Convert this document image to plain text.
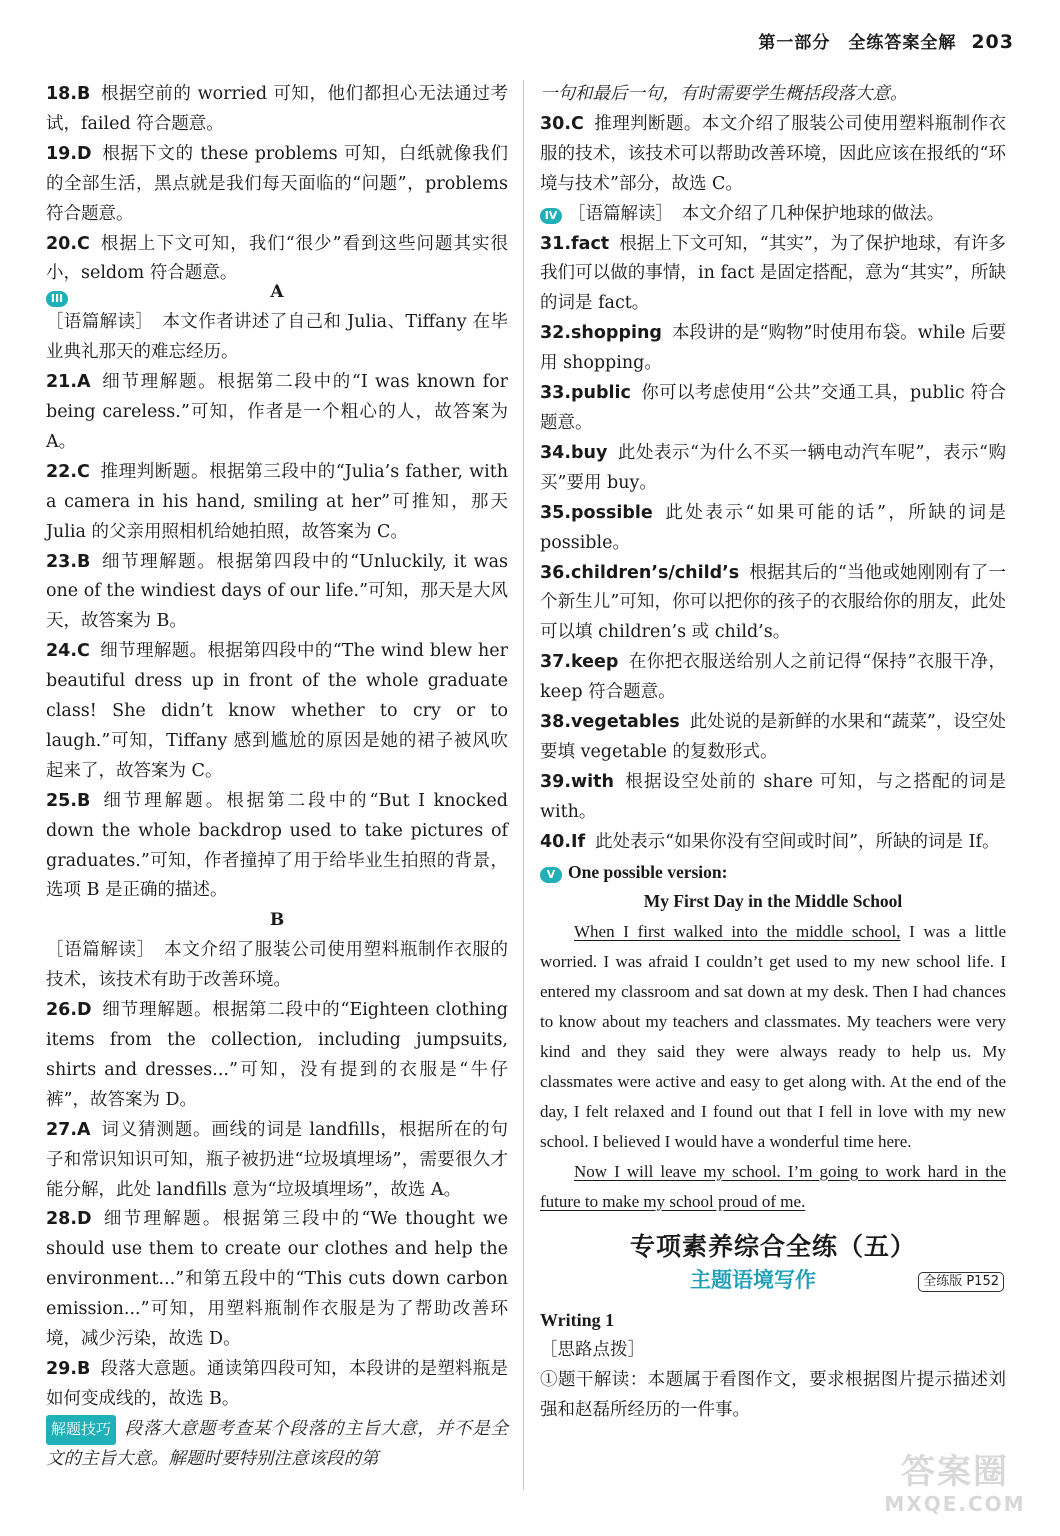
第一部分　全练答案全解 203
18.B 根据空前的 worried 可知，他们都担心无法通过考试，failed 符合题意。
19.D 根据下文的 these problems 可知，白纸就像我们的全部生活，黑点就是我们每天面临的“问题”，problems 符合题意。
20.C 根据上下文可知，我们“很少”看到这些问题其实很小，seldom 符合题意。
III	A

［语篇解读］　本文作者讲述了自己和 Julia、Tiffany 在毕业典礼那天的难忘经历。

21.A 细节理解题。根据第二段中的“I was known for being careless.”可知，作者是一个粗心的人，故答案为 A。
22.C 推理判断题。根据第三段中的“Julia’s father, with a camera in his hand, smiling at her”可推知，那天 Julia 的父亲用照相机给她拍照，故答案为 C。
23.B 细节理解题。根据第四段中的“Unluckily, it was one of the windiest days of our life.”可知，那天是大风天，故答案为 B。
24.C 细节理解题。根据第四段中的“The wind blew her beautiful dress up in front of the whole graduate class! She didn’t know whether to cry or to laugh.”可知，Tiffany 感到尴尬的原因是她的裙子被风吹起来了，故答案为 C。
25.B 细节理解题。根据第二段中的“But I knocked down the whole backdrop used to take pictures of graduates.”可知，作者撞掉了用于给毕业生拍照的背景，选项 B 是正确的描述。

B

［语篇解读］　本文介绍了服装公司使用塑料瓶制作衣服的技术，该技术有助于改善环境。

26.D 细节理解题。根据第二段中的“Eighteen clothing items from the collection, including jumpsuits, shirts and dresses...”可知，没有提到的衣服是“牛仔裤”，故答案为 D。
27.A 词义猜测题。画线的词是 landfills，根据所在的句子和常识知识可知，瓶子被扔进“垃圾填埋场”，需要很久才能分解，此处 landfills 意为“垃圾填埋场”，故选 A。
28.D 细节理解题。根据第三段中的“We thought we should use them to create our clothes and help the environment...”和第五段中的“This cuts down carbon emission...”可知，用塑料瓶制作衣服是为了帮助改善环境，减少污染，故选 D。
29.B 段落大意题。通读第四段可知，本段讲的是塑料瓶是如何变成线的，故选 B。

解题技巧 段落大意题考查某个段落的主旨大意，并不是全文的主旨大意。解题时要特别注意该段的第

一句和最后一句，有时需要学生概括段落大意。

30.C 推理判断题。本文介绍了服装公司使用塑料瓶制作衣服的技术，该技术可以帮助改善环境，因此应该在报纸的“环境与技术”部分，故选 C。

IV ［语篇解读］　本文介绍了几种保护地球的做法。

31.fact 根据上下文可知，“其实”，为了保护地球，有许多我们可以做的事情，in fact 是固定搭配，意为“其实”，所缺的词是 fact。
32.shopping 本段讲的是“购物”时使用布袋。while 后要用 shopping。
33.public 你可以考虑使用“公共”交通工具，public 符合题意。
34.buy 此处表示“为什么不买一辆电动汽车呢”，表示“购买”要用 buy。
35.possible 此处表示“如果可能的话”，所缺的词是 possible。
36.children’s/child’s 根据其后的“当他或她刚刚有了一个新生儿”可知，你可以把你的孩子的衣服给你的朋友，此处可以填 children’s 或 child’s。
37.keep 在你把衣服送给别人之前记得“保持”衣服干净，keep 符合题意。
38.vegetables 此处说的是新鲜的水果和“蔬菜”，设空处要填 vegetable 的复数形式。
39.with 根据设空处前的 share 可知，与之搭配的词是 with。
40.If 此处表示“如果你没有空间或时间”，所缺的词是 If。

V One possible version:

My First Day in the Middle School

When I first walked into the middle school, I was a little worried. I was afraid I couldn’t get used to my new school life. I entered my classroom and sat down at my desk. Then I had chances to know about my teachers and classmates. My teachers were very kind and they said they were always ready to help us. My classmates were active and easy to get along with. At the end of the day, I felt relaxed and I found out that I fell in love with my new school. I believed I would have a wonderful time here.

Now I will leave my school. I’m going to work hard in the future to make my school proud of me.

专项素养综合全练（五）
主题语境写作	全练版 P152
Writing 1

［思路点拨］

①题干解读：本题属于看图作文，要求根据图片提示描述刘强和赵磊所经历的一件事。

答案圈
MXQE.COM
